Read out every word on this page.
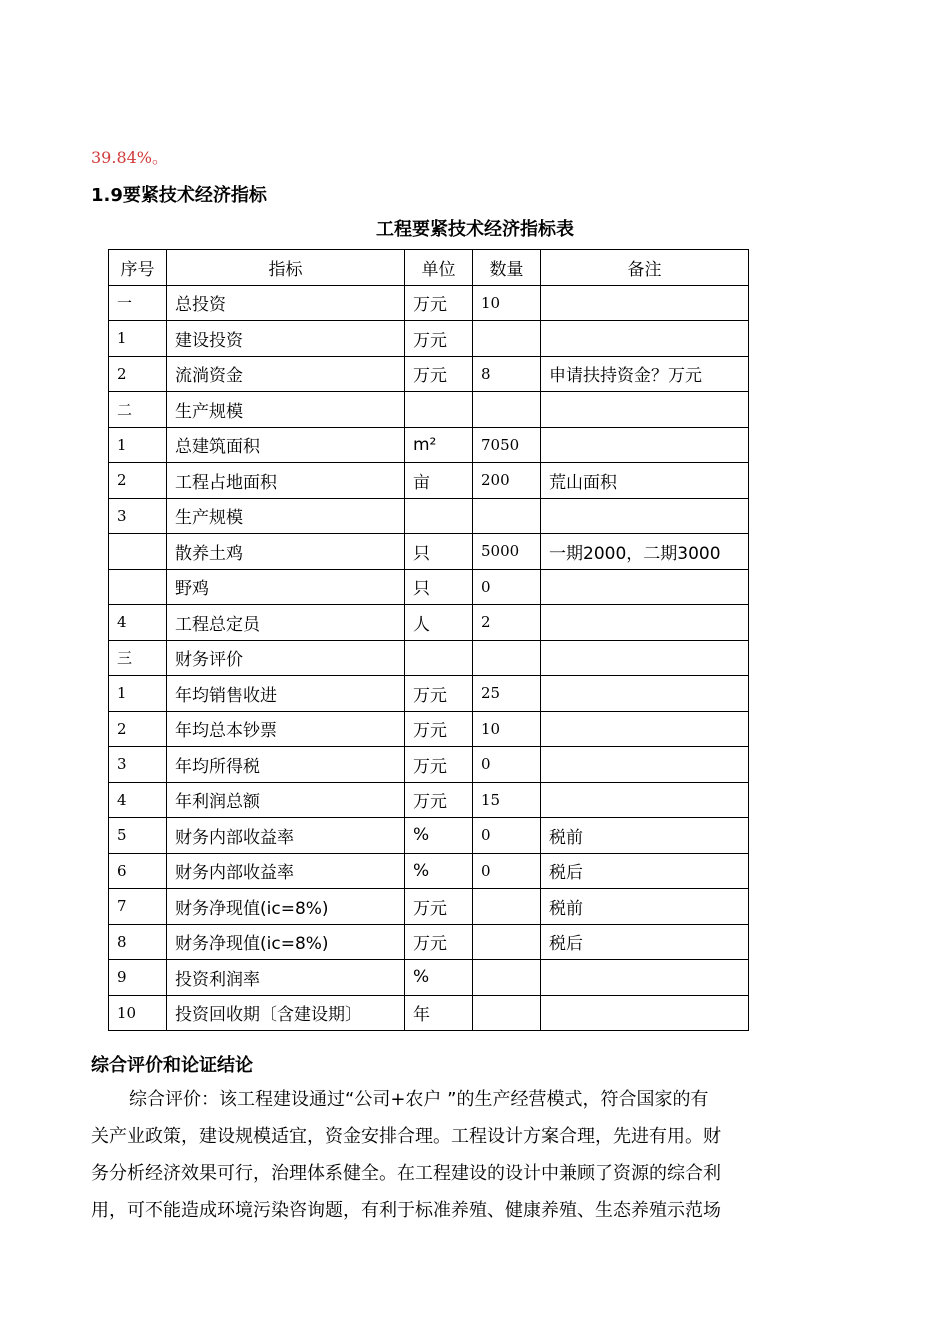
39.84%。
1.9要紧技术经济指标
工程要紧技术经济指标表
序号	指标	单位	数量	备注
一	总投资	万元	10	
1	建设投资	万元		
2	流淌资金	万元	8	申请扶持资金？万元
二	生产规模			
1	总建筑面积	m²	7050	
2	工程占地面积	亩	200	荒山面积
3	生产规模			
	散养土鸡	只	5000	一期2000，二期3000
	野鸡	只	0	
4	工程总定员	人	2	
三	财务评价			
1	年均销售收进	万元	25	
2	年均总本钞票	万元	10	
3	年均所得税	万元	0	
4	年利润总额	万元	15	
5	财务内部收益率	%	0	税前
6	财务内部收益率	%	0	税后
7	财务净现值(ic=8%)	万元		税前
8	财务净现值(ic=8%)	万元		税后
9	投资利润率	%		
10	投资回收期〔含建设期〕	年		
综合评价和论证结论
综合评价：该工程建设通过“公司+农户 ”的生产经营模式，符合国家的有
关产业政策，建设规模适宜，资金安排合理。工程设计方案合理，先进有用。财
务分析经济效果可行，治理体系健全。在工程建设的设计中兼顾了资源的综合利
用，可不能造成环境污染咨询题，有利于标准养殖、健康养殖、生态养殖示范场
